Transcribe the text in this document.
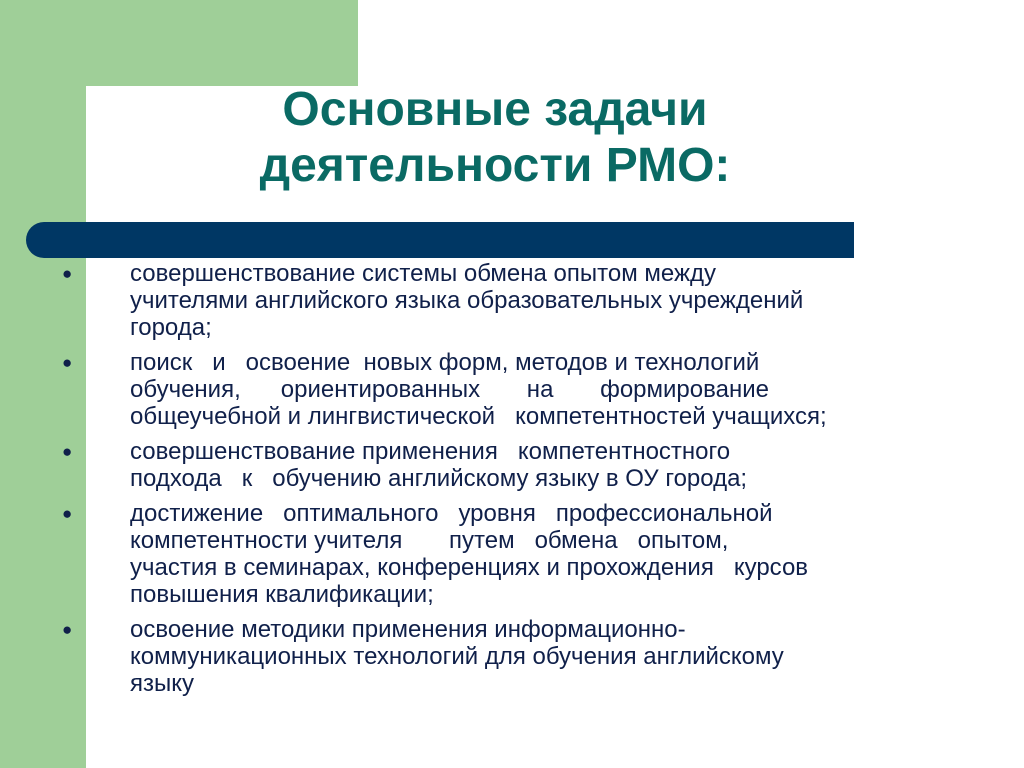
Основные задачи
деятельности РМО:
●	совершенствование системы обмена опытом между
учителями английского языка образовательных учреждений
города;
●	поиск   и   освоение  новых форм, методов и технологий
обучения,      ориентированных       на       формирование
общеучебной и лингвистической   компетентностей учащихся;
●	совершенствование применения   компетентностного
подхода   к   обучению английскому языку в ОУ города;
●	достижение   оптимального   уровня   профессиональной
компетентности учителя       путем   обмена   опытом,
участия в семинарах, конференциях и прохождения   курсов
повышения квалификации;
●	освоение методики применения информационно-
коммуникационных технологий для обучения английскому
языку
